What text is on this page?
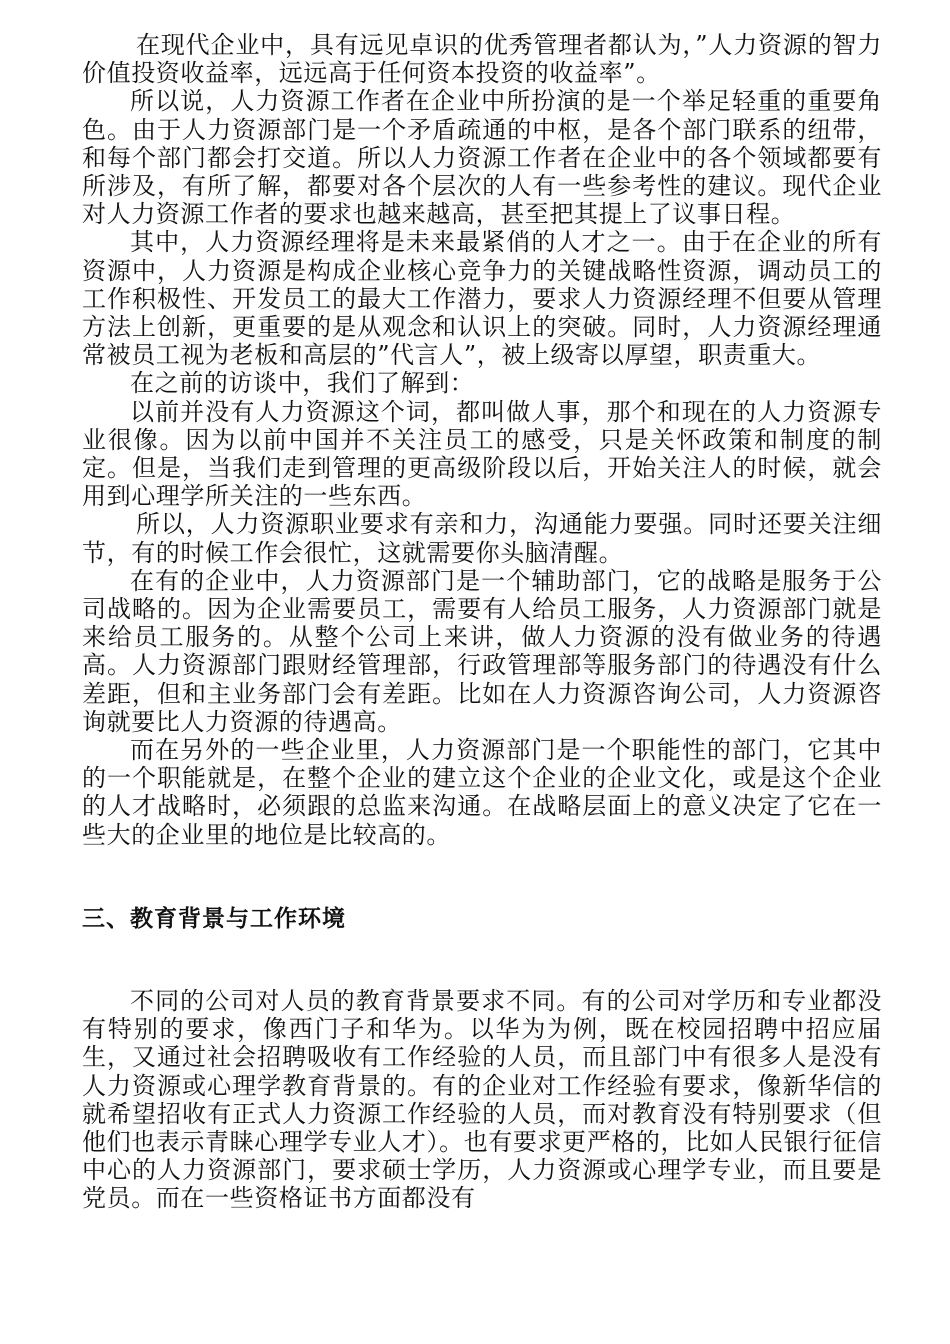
在现代企业中，具有远见卓识的优秀管理者都认为，”人力资源的智力价值投资收益率，远远高于任何资本投资的收益率”。

所以说，人力资源工作者在企业中所扮演的是一个举足轻重的重要角色。由于人力资源部门是一个矛盾疏通的中枢，是各个部门联系的纽带，和每个部门都会打交道。所以人力资源工作者在企业中的各个领域都要有所涉及，有所了解，都要对各个层次的人有一些参考性的建议。现代企业对人力资源工作者的要求也越来越高，甚至把其提上了议事日程。

其中，人力资源经理将是未来最紧俏的人才之一。由于在企业的所有资源中，人力资源是构成企业核心竞争力的关键战略性资源，调动员工的工作积极性、开发员工的最大工作潜力，要求人力资源经理不但要从管理方法上创新，更重要的是从观念和认识上的突破。同时，人力资源经理通常被员工视为老板和高层的”代言人”，被上级寄以厚望，职责重大。

在之前的访谈中，我们了解到：

以前并没有人力资源这个词，都叫做人事，那个和现在的人力资源专业很像。因为以前中国并不关注员工的感受，只是关怀政策和制度的制定。但是，当我们走到管理的更高级阶段以后，开始关注人的时候，就会用到心理学所关注的一些东西。

所以，人力资源职业要求有亲和力，沟通能力要强。同时还要关注细节，有的时候工作会很忙，这就需要你头脑清醒。

在有的企业中，人力资源部门是一个辅助部门，它的战略是服务于公司战略的。因为企业需要员工，需要有人给员工服务，人力资源部门就是来给员工服务的。从整个公司上来讲，做人力资源的没有做业务的待遇高。人力资源部门跟财经管理部，行政管理部等服务部门的待遇没有什么差距，但和主业务部门会有差距。比如在人力资源咨询公司，人力资源咨询就要比人力资源的待遇高。

而在另外的一些企业里，人力资源部门是一个职能性的部门，它其中的一个职能就是，在整个企业的建立这个企业的企业文化，或是这个企业的人才战略时，必须跟的总监来沟通。在战略层面上的意义决定了它在一些大的企业里的地位是比较高的。

三、教育背景与工作环境

不同的公司对人员的教育背景要求不同。有的公司对学历和专业都没有特别的要求，像西门子和华为。以华为为例，既在校园招聘中招应届生，又通过社会招聘吸收有工作经验的人员，而且部门中有很多人是没有人力资源或心理学教育背景的。有的企业对工作经验有要求，像新华信的就希望招收有正式人力资源工作经验的人员，而对教育没有特别要求（但他们也表示青睐心理学专业人才）。也有要求更严格的，比如人民银行征信中心的人力资源部门，要求硕士学历，人力资源或心理学专业，而且要是党员。而在一些资格证书方面都没有
